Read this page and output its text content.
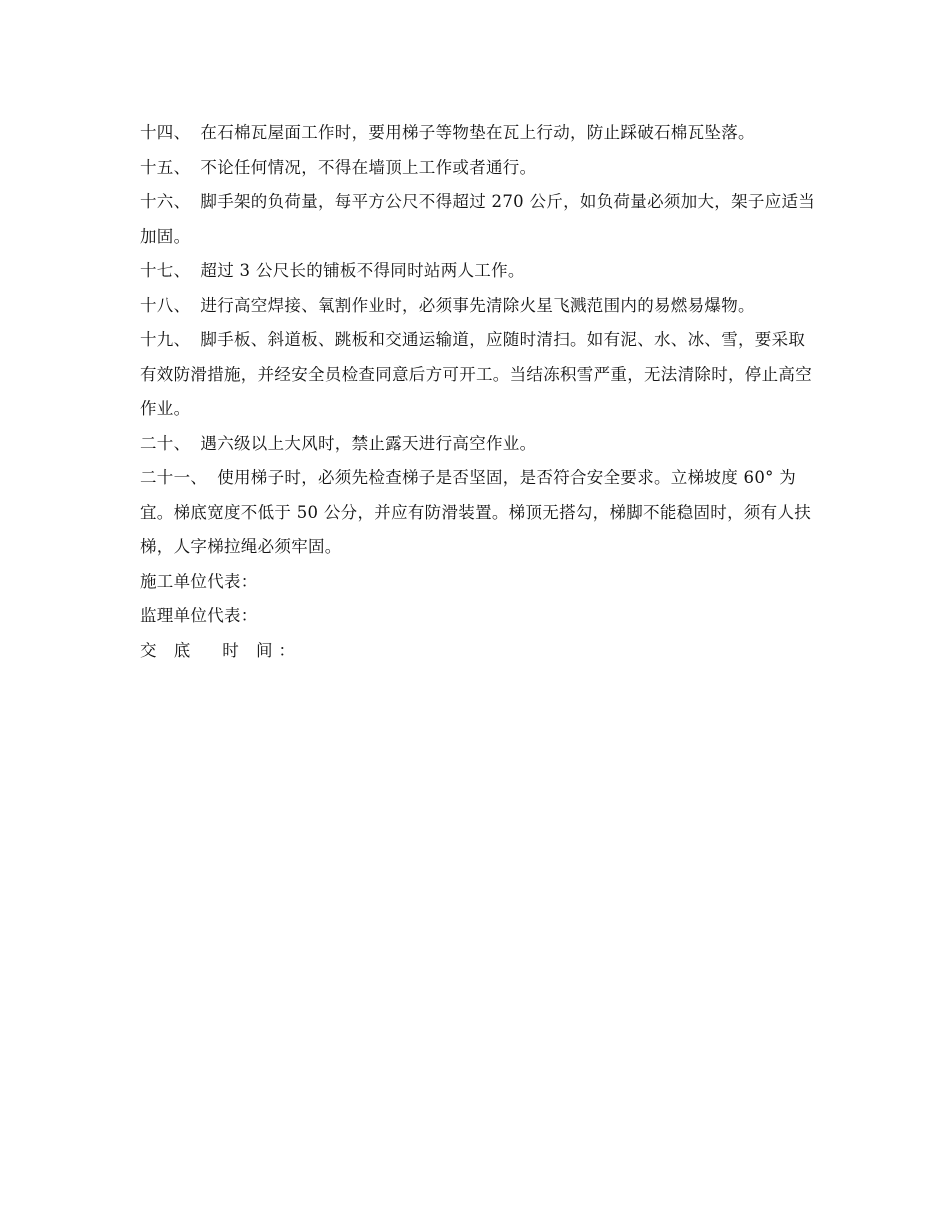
十四、 在石棉瓦屋面工作时，要用梯子等物垫在瓦上行动，防止踩破石棉瓦坠落。

十五、 不论任何情况，不得在墙顶上工作或者通行。

十六、 脚手架的负荷量，每平方公尺不得超过 270 公斤，如负荷量必须加大，架子应适当加固。

十七、 超过 3 公尺长的铺板不得同时站两人工作。

十八、 进行高空焊接、氧割作业时，必须事先清除火星飞溅范围内的易燃易爆物。

十九、 脚手板、斜道板、跳板和交通运输道，应随时清扫。如有泥、水、冰、雪，要采取有效防滑措施，并经安全员检查同意后方可开工。当结冻积雪严重，无法清除时，停止高空作业。

二十、 遇六级以上大风时，禁止露天进行高空作业。

二十一、 使用梯子时，必须先检查梯子是否坚固，是否符合安全要求。立梯坡度 60° 为宜。梯底宽度不低于 50 公分，并应有防滑装置。梯顶无搭勾，梯脚不能稳固时，须有人扶梯，人字梯拉绳必须牢固。

施工单位代表：

监理单位代表：

交 底 时 间：
